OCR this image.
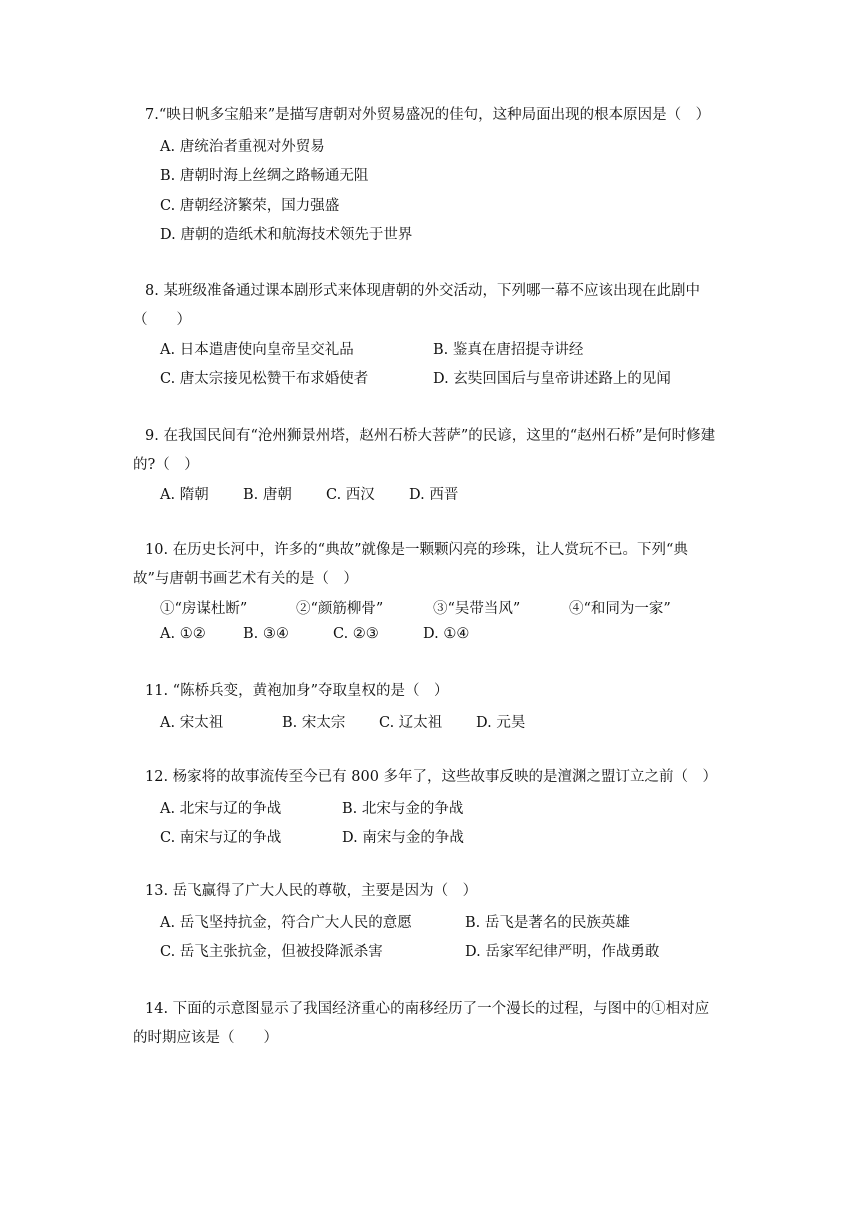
7.“映日帆多宝船来”是描写唐朝对外贸易盛况的佳句，这种局面出现的根本原因是（　）
A. 唐统治者重视对外贸易
B. 唐朝时海上丝绸之路畅通无阻
C. 唐朝经济繁荣，国力强盛
D. 唐朝的造纸术和航海技术领先于世界
8. 某班级准备通过课本剧形式来体现唐朝的外交活动，下列哪一幕不应该出现在此剧中（　　）
A. 日本遣唐使向皇帝呈交礼品	B. 鉴真在唐招提寺讲经
C. 唐太宗接见松赞干布求婚使者	D. 玄奘回国后与皇帝讲述路上的见闻
9. 在我国民间有“沧州狮景州塔，赵州石桥大菩萨”的民谚，这里的“赵州石桥”是何时修建的?（　）
A. 隋朝 B. 唐朝 C. 西汉 D. 西晋
10. 在历史长河中，许多的“典故”就像是一颗颗闪亮的珍珠，让人赏玩不已。下列“典故”与唐朝书画艺术有关的是（　）
①“房谋杜断”	②“颜筋柳骨”	③“吴带当风”	④“和同为一家”
A. ①②	B. ③④	C. ②③	D. ①④
11. “陈桥兵变，黄袍加身”夺取皇权的是（　）
A. 宋太祖	B. 宋太宗 C. 辽太祖 D. 元昊
12. 杨家将的故事流传至今已有 800 多年了，这些故事反映的是澶渊之盟订立之前（　）
A. 北宋与辽的争战	B. 北宋与金的争战
C. 南宋与辽的争战	D. 南宋与金的争战
13. 岳飞赢得了广大人民的尊敬，主要是因为（　）
A. 岳飞坚持抗金，符合广大人民的意愿	B. 岳飞是著名的民族英雄
C. 岳飞主张抗金，但被投降派杀害	D. 岳家军纪律严明，作战勇敢
14. 下面的示意图显示了我国经济重心的南移经历了一个漫长的过程，与图中的①相对应的时期应该是（　　）
